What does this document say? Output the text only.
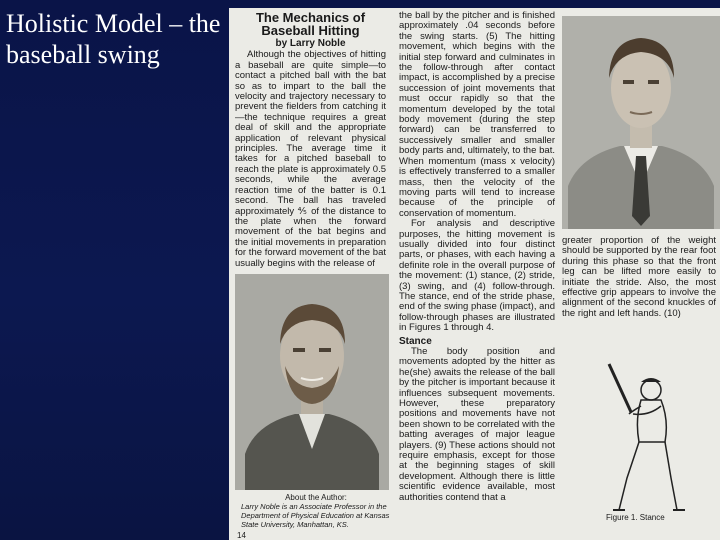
Holistic Model – the baseball swing
The Mechanics of
Baseball Hitting
by Larry Noble

Although the objectives of hitting a baseball are quite simple—to contact a pitched ball with the bat so as to impart to the ball the velocity and trajectory necessary to prevent the fielders from catching it—the technique requires a great deal of skill and the appropriate application of relevant physical principles. The average time it takes for a pitched baseball to reach the plate is approximately 0.5 seconds, while the average reaction time of the batter is 0.1 second. The ball has traveled approximately ⅘ of the distance to the plate when the forward movement of the bat begins and the initial movements in preparation for the forward movement of the bat usually begins with the release of

About the Author:
Larry Noble is an Associate Professor in the Department of Physical Education at Kansas State University, Manhattan, KS.
14

the ball by the pitcher and is finished approximately .04 seconds before the swing starts. (5) The hitting movement, which begins with the initial step forward and culminates in the follow-through after contact impact, is accomplished by a precise succession of joint movements that must occur rapidly so that the momentum developed by the total body movement (during the step forward) can be transferred to successively smaller and smaller body parts and, ultimately, to the bat. When momentum (mass x velocity) is effectively transferred to a smaller mass, then the velocity of the moving parts will tend to increase because of the principle of conservation of momentum.

For analysis and descriptive purposes, the hitting movement is usually divided into four distinct parts, or phases, with each having a definite role in the overall purpose of the movement: (1) stance, (2) stride, (3) swing, and (4) follow-through. The stance, end of the stride phase, end of the swing phase (impact), and follow-through phases are illustrated in Figures 1 through 4.

Stance

The body position and movements adopted by the hitter as he(she) awaits the release of the ball by the pitcher is important because it influences subsequent movements. However, these preparatory positions and movements have not been shown to be correlated with the batting averages of major league players. (9) These actions should not require emphasis, except for those at the beginning stages of skill development. Although there is little scientific evidence available, most authorities contend that a

greater proportion of the weight should be supported by the rear foot during this phase so that the front leg can be lifted more easily to initiate the stride. Also, the most effective grip appears to involve the alignment of the second knuckles of the right and left hands. (10)

Figure 1. Stance
